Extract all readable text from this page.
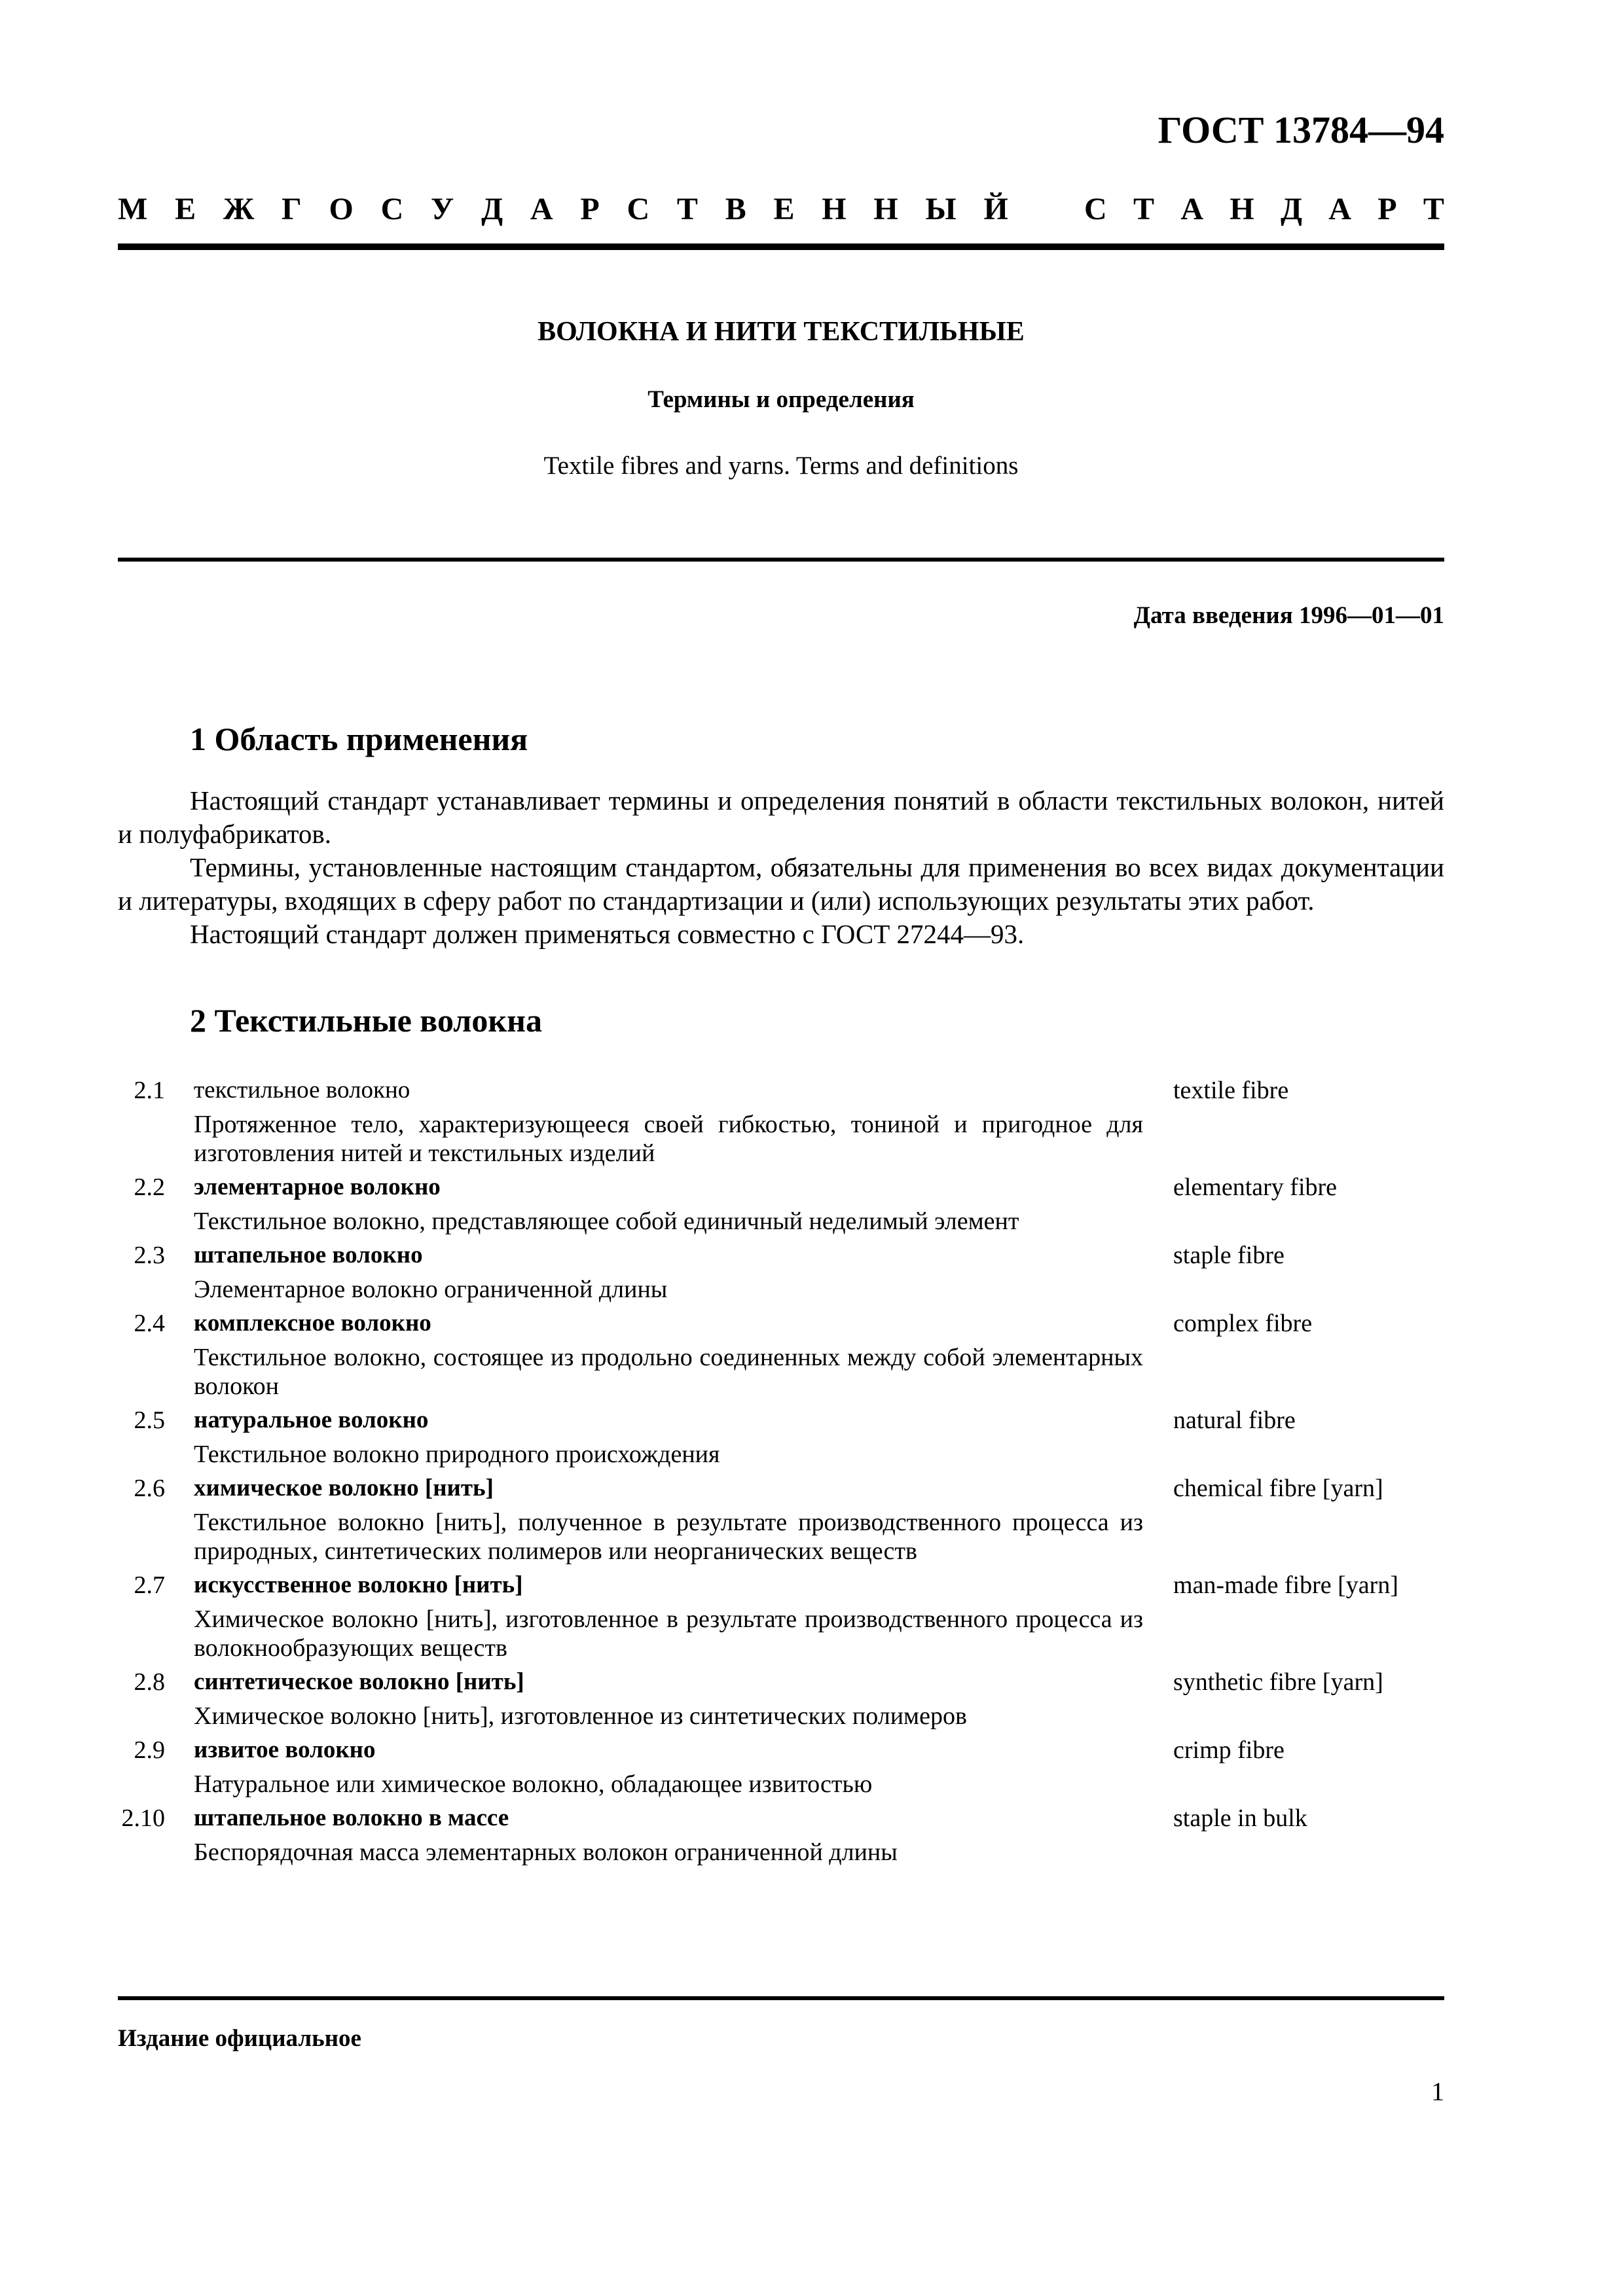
ГОСТ 13784—94
М Е Ж Г О С У Д А Р С Т В Е Н Н Ы Й С Т А Н Д А Р Т
ВОЛОКНА И НИТИ ТЕКСТИЛЬНЫЕ
Термины и определения
Textile fibres and yarns. Terms and definitions
Дата введения 1996—01—01
1 Область применения

Настоящий стандарт устанавливает термины и определения понятий в области текстильных волокон, нитей и полуфабрикатов.

Термины, установленные настоящим стандартом, обязательны для применения во всех видах документации и литературы, входящих в сферу работ по стандартизации и (или) использующих результаты этих работ.

Настоящий стандарт должен применяться совместно с ГОСТ 27244—93.

2 Текстильные волокна
2.1 текстильное волокно	textile fibre
Протяженное тело, характеризующееся своей гибкостью, тониной и пригодное для изготовления нитей и текстильных изделий
2.2 элементарное волокно	elementary fibre
Текстильное волокно, представляющее собой единичный неделимый элемент
2.3 штапельное волокно	staple fibre
Элементарное волокно ограниченной длины
2.4 комплексное волокно	complex fibre
Текстильное волокно, состоящее из продольно соединенных между собой элементарных волокон
2.5 натуральное волокно	natural fibre
Текстильное волокно природного происхождения
2.6 химическое волокно [нить]	chemical fibre [yarn]
Текстильное волокно [нить], полученное в результате производственного процесса из природных, синтетических полимеров или неорганических веществ
2.7 искусственное волокно [нить]	man-made fibre [yarn]
Химическое волокно [нить], изготовленное в результате производственного процесса из волокнообразующих веществ
2.8 синтетическое волокно [нить]	synthetic fibre [yarn]
Химическое волокно [нить], изготовленное из синтетических полимеров
2.9 извитое волокно	crimp fibre
Натуральное или химическое волокно, обладающее извитостью
2.10 штапельное волокно в массе	staple in bulk
Беспорядочная масса элементарных волокон ограниченной длины
Издание официальное
1
